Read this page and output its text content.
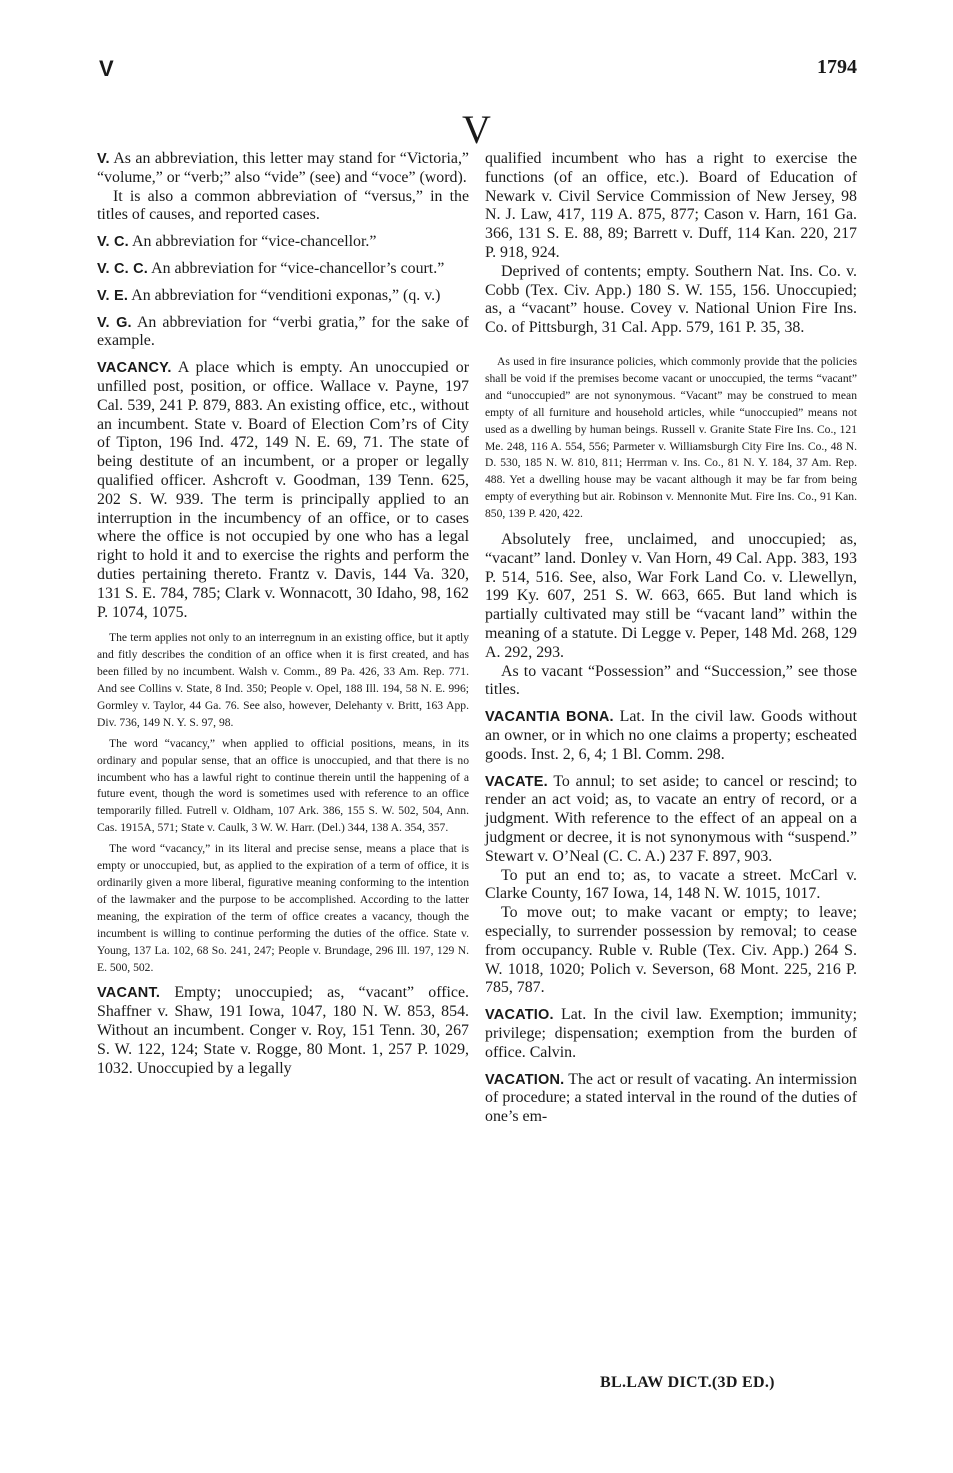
V	1794
V

V. As an abbreviation, this letter may stand for “Victoria,” “volume,” or “verb;” also “vide” (see) and “voce” (word).

It is also a common abbreviation of “versus,” in the titles of causes, and reported cases.

V. C. An abbreviation for “vice-chancellor.”

V. C. C. An abbreviation for “vice-chancellor’s court.”

V. E. An abbreviation for “venditioni exponas,” (q. v.)

V. G. An abbreviation for “verbi gratia,” for the sake of example.

VACANCY. A place which is empty. An unoccupied or unfilled post, position, or office. Wallace v. Payne, 197 Cal. 539, 241 P. 879, 883. An existing office, etc., without an incumbent. State v. Board of Election Com’rs of City of Tipton, 196 Ind. 472, 149 N. E. 69, 71. The state of being destitute of an incumbent, or a proper or legally qualified officer. Ashcroft v. Goodman, 139 Tenn. 625, 202 S. W. 939. The term is principally applied to an interruption in the incumbency of an office, or to cases where the office is not occupied by one who has a legal right to hold it and to exercise the rights and perform the duties pertaining thereto. Frantz v. Davis, 144 Va. 320, 131 S. E. 784, 785; Clark v. Wonnacott, 30 Idaho, 98, 162 P. 1074, 1075.

The term applies not only to an interregnum in an existing office, but it aptly and fitly describes the condition of an office when it is first created, and has been filled by no incumbent. Walsh v. Comm., 89 Pa. 426, 33 Am. Rep. 771. And see Collins v. State, 8 Ind. 350; People v. Opel, 188 Ill. 194, 58 N. E. 996; Gormley v. Taylor, 44 Ga. 76. See also, however, Delehanty v. Britt, 163 App. Div. 736, 149 N. Y. S. 97, 98.

The word “vacancy,” when applied to official positions, means, in its ordinary and popular sense, that an office is unoccupied, and that there is no incumbent who has a lawful right to continue therein until the happening of a future event, though the word is sometimes used with reference to an office temporarily filled. Futrell v. Oldham, 107 Ark. 386, 155 S. W. 502, 504, Ann. Cas. 1915A, 571; State v. Caulk, 3 W. W. Harr. (Del.) 344, 138 A. 354, 357.

The word “vacancy,” in its literal and precise sense, means a place that is empty or unoccupied, but, as applied to the expiration of a term of office, it is ordinarily given a more liberal, figurative meaning conforming to the intention of the lawmaker and the purpose to be accomplished. According to the latter meaning, the expiration of the term of office creates a vacancy, though the incumbent is willing to continue performing the duties of the office. State v. Young, 137 La. 102, 68 So. 241, 247; People v. Brundage, 296 Ill. 197, 129 N. E. 500, 502.

VACANT. Empty; unoccupied; as, “vacant” office. Shaffner v. Shaw, 191 Iowa, 1047, 180 N. W. 853, 854. Without an incumbent. Conger v. Roy, 151 Tenn. 30, 267 S. W. 122, 124; State v. Rogge, 80 Mont. 1, 257 P. 1029, 1032. Unoccupied by a legally

qualified incumbent who has a right to exercise the functions (of an office, etc.). Board of Education of Newark v. Civil Service Commission of New Jersey, 98 N. J. Law, 417, 119 A. 875, 877; Cason v. Harn, 161 Ga. 366, 131 S. E. 88, 89; Barrett v. Duff, 114 Kan. 220, 217 P. 918, 924.

Deprived of contents; empty. Southern Nat. Ins. Co. v. Cobb (Tex. Civ. App.) 180 S. W. 155, 156. Unoccupied; as, a “vacant” house. Covey v. National Union Fire Ins. Co. of Pittsburgh, 31 Cal. App. 579, 161 P. 35, 38.

As used in fire insurance policies, which commonly provide that the policies shall be void if the premises become vacant or unoccupied, the terms “vacant” and “unoccupied” are not synonymous. “Vacant” may be construed to mean empty of all furniture and household articles, while “unoccupied” means not used as a dwelling by human beings. Russell v. Granite State Fire Ins. Co., 121 Me. 248, 116 A. 554, 556; Parmeter v. Williamsburgh City Fire Ins. Co., 48 N. D. 530, 185 N. W. 810, 811; Herrman v. Ins. Co., 81 N. Y. 184, 37 Am. Rep. 488. Yet a dwelling house may be vacant although it may be far from being empty of everything but air. Robinson v. Mennonite Mut. Fire Ins. Co., 91 Kan. 850, 139 P. 420, 422.

Absolutely free, unclaimed, and unoccupied; as, “vacant” land. Donley v. Van Horn, 49 Cal. App. 383, 193 P. 514, 516. See, also, War Fork Land Co. v. Llewellyn, 199 Ky. 607, 251 S. W. 663, 665. But land which is partially cultivated may still be “vacant land” within the meaning of a statute. Di Legge v. Peper, 148 Md. 268, 129 A. 292, 293.

As to vacant “Possession” and “Succession,” see those titles.

VACANTIA BONA. Lat. In the civil law. Goods without an owner, or in which no one claims a property; escheated goods. Inst. 2, 6, 4; 1 Bl. Comm. 298.

VACATE. To annul; to set aside; to cancel or rescind; to render an act void; as, to vacate an entry of record, or a judgment. With reference to the effect of an appeal on a judgment or decree, it is not synonymous with “suspend.” Stewart v. O’Neal (C. C. A.) 237 F. 897, 903.

To put an end to; as, to vacate a street. McCarl v. Clarke County, 167 Iowa, 14, 148 N. W. 1015, 1017.

To move out; to make vacant or empty; to leave; especially, to surrender possession by removal; to cease from occupancy. Ruble v. Ruble (Tex. Civ. App.) 264 S. W. 1018, 1020; Polich v. Severson, 68 Mont. 225, 216 P. 785, 787.

VACATIO. Lat. In the civil law. Exemption; immunity; privilege; dispensation; exemption from the burden of office. Calvin.

VACATION. The act or result of vacating. An intermission of procedure; a stated interval in the round of the duties of one’s em-

BL.LAW DICT.(3D ED.)
